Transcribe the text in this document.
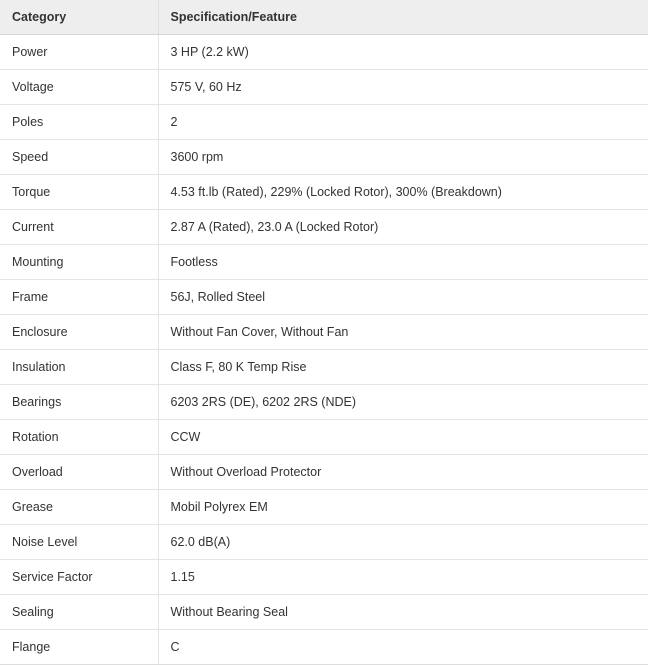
Category	Specification/Feature
Power	3 HP (2.2 kW)
Voltage	575 V, 60 Hz
Poles	2
Speed	3600 rpm
Torque	4.53 ft.lb (Rated), 229% (Locked Rotor), 300% (Breakdown)
Current	2.87 A (Rated), 23.0 A (Locked Rotor)
Mounting	Footless
Frame	56J, Rolled Steel
Enclosure	Without Fan Cover, Without Fan
Insulation	Class F, 80 K Temp Rise
Bearings	6203 2RS (DE), 6202 2RS (NDE)
Rotation	CCW
Overload	Without Overload Protector
Grease	Mobil Polyrex EM
Noise Level	62.0 dB(A)
Service Factor	1.15
Sealing	Without Bearing Seal
Flange	C
